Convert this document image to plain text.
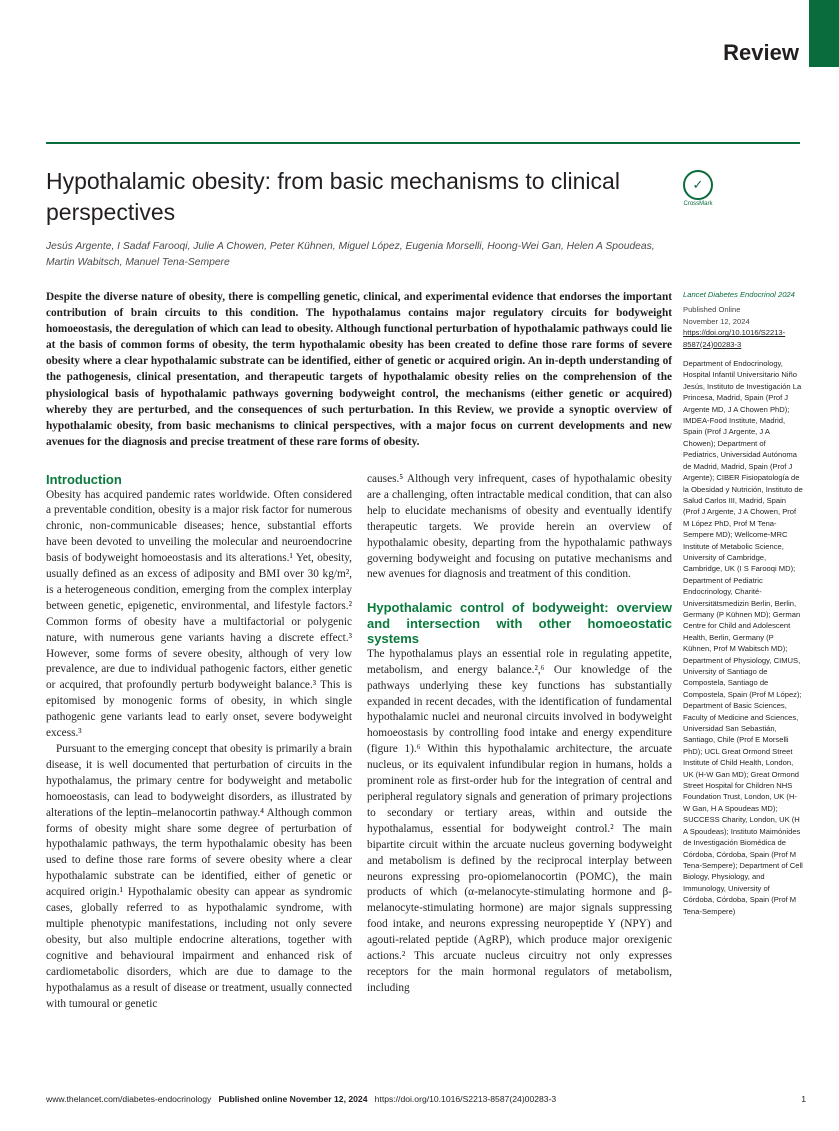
Review
Hypothalamic obesity: from basic mechanisms to clinical perspectives
✓
CrossMark
Jesús Argente, I Sadaf Farooqi, Julie A Chowen, Peter Kühnen, Miguel López, Eugenia Morselli, Hoong-Wei Gan, Helen A Spoudeas,
Martin Wabitsch, Manuel Tena-Sempere
Despite the diverse nature of obesity, there is compelling genetic, clinical, and experimental evidence that endorses the important contribution of brain circuits to this condition. The hypothalamus contains major regulatory circuits for bodyweight homoeostasis, the deregulation of which can lead to obesity. Although functional perturbation of hypothalamic pathways could lie at the basis of common forms of obesity, the term hypothalamic obesity has been created to define those rare forms of severe obesity where a clear hypothalamic substrate can be identified, either of genetic or acquired origin. An in-depth understanding of the pathogenesis, clinical presentation, and therapeutic targets of hypothalamic obesity relies on the comprehension of the physiological basis of hypothalamic pathways governing bodyweight control, the mechanisms (either genetic or acquired) whereby they are perturbed, and the consequences of such perturbation. In this Review, we provide a synoptic overview of hypothalamic obesity, from basic mechanisms to clinical perspectives, with a major focus on current developments and new avenues for the diagnosis and precise treatment of these rare forms of obesity.

Introduction

Obesity has acquired pandemic rates worldwide. Often considered a preventable condition, obesity is a major risk factor for numerous chronic, non-communicable diseases; hence, substantial efforts have been devoted to unveiling the molecular and neuroendocrine basis of bodyweight homoeostasis and its alterations.¹ Yet, obesity, usually defined as an excess of adiposity and BMI over 30 kg/m², is a heterogeneous condition, emerging from the complex interplay between genetic, epigenetic, environmental, and lifestyle factors.² Common forms of obesity have a multifactorial or polygenic nature, with numerous gene variants having a discrete effect.³ However, some forms of severe obesity, although of very low prevalence, are due to individual pathogenic factors, either genetic or acquired, that profoundly perturb bodyweight balance.³ This is epitomised by monogenic forms of obesity, in which single pathogenic gene variants lead to early onset, severe bodyweight excess.³

Pursuant to the emerging concept that obesity is primarily a brain disease, it is well documented that perturbation of circuits in the hypothalamus, the primary centre for bodyweight and metabolic homoeostasis, can lead to bodyweight disorders, as illustrated by alterations of the leptin–melanocortin pathway.⁴ Although common forms of obesity might share some degree of perturbation of hypothalamic pathways, the term hypothalamic obesity has been used to define those rare forms of severe obesity where a clear hypothalamic substrate can be identified, either of genetic or acquired origin.¹ Hypothalamic obesity can appear as syndromic cases, globally referred to as hypothalamic syndrome, with multiple phenotypic manifestations, including not only severe obesity, but also multiple endocrine alterations, together with cognitive and behavioural impairment and enhanced risk of cardiometabolic disorders, which are due to damage to the hypothalamus as a result of disease or treatment, usually connected with tumoural or genetic

causes.⁵ Although very infrequent, cases of hypothalamic obesity are a challenging, often intractable medical condition, that can also help to elucidate mechanisms of obesity and eventually identify therapeutic targets. We provide herein an overview of hypothalamic obesity, departing from the hypothalamic pathways governing bodyweight and focusing on putative mechanisms and new avenues for diagnosis and treatment of this condition.

Hypothalamic control of bodyweight: overview and intersection with other homoeostatic systems

The hypothalamus plays an essential role in regulating appetite, metabolism, and energy balance.²,⁶ Our knowledge of the pathways underlying these key functions has substantially expanded in recent decades, with the identification of fundamental hypothalamic nuclei and neuronal circuits involved in bodyweight homoeostasis by controlling food intake and energy expenditure (figure 1).⁶ Within this hypothalamic architecture, the arcuate nucleus, or its equivalent infundibular region in humans, holds a prominent role as first-order hub for the integration of central and peripheral regulatory signals and generation of primary projections to secondary or tertiary areas, within and outside the hypothalamus, essential for bodyweight control.² The main bipartite circuit within the arcuate nucleus governing bodyweight and metabolism is defined by the reciprocal interplay between neurons expressing pro-opiomelanocortin (POMC), the main products of which (α-melanocyte-stimulating hormone and β-melanocyte-stimulating hormone) are major signals suppressing food intake, and neurons expressing neuropeptide Y (NPY) and agouti-related peptide (AgRP), which produce major orexigenic actions.² This arcuate nucleus circuitry not only expresses receptors for the main hormonal regulators of metabolism, including

Lancet Diabetes Endocrinol 2024
Published Online
November 12, 2024
https://doi.org/10.1016/S2213-8587(24)00283-3
Department of Endocrinology, Hospital Infantil Universitario Niño Jesús, Instituto de Investigación La Princesa, Madrid, Spain (Prof J Argente MD, J A Chowen PhD); IMDEA-Food Institute, Madrid, Spain (Prof J Argente, J A Chowen); Department of Pediatrics, Universidad Autónoma de Madrid, Madrid, Spain (Prof J Argente); CIBER Fisiopatología de la Obesidad y Nutrición, Instituto de Salud Carlos III, Madrid, Spain (Prof J Argente, J A Chowen, Prof M López PhD, Prof M Tena-Sempere MD); Wellcome-MRC Institute of Metabolic Science, University of Cambridge, Cambridge, UK (I S Farooqi MD); Department of Pediatric Endocrinology, Charité-Universitätsmedizin Berlin, Berlin, Germany (P Kühnen MD); German Centre for Child and Adolescent Health, Berlin, Germany (P Kühnen, Prof M Wabitsch MD); Department of Physiology, CIMUS, University of Santiago de Compostela, Santiago de Compostela, Spain (Prof M López); Department of Basic Sciences, Faculty of Medicine and Sciences, Universidad San Sebastián, Santiago, Chile (Prof E Morselli PhD); UCL Great Ormond Street Institute of Child Health, London, UK (H-W Gan MD); Great Ormond Street Hospital for Children NHS Foundation Trust, London, UK (H-W Gan, H A Spoudeas MD); SUCCESS Charity, London, UK (H A Spoudeas); Instituto Maimónides de Investigación Biomédica de Córdoba, Córdoba, Spain (Prof M Tena-Sempere); Department of Cell Biology, Physiology, and Immunology, University of Córdoba, Córdoba, Spain (Prof M Tena-Sempere)
www.thelancet.com/diabetes-endocrinology Published online November 12, 2024 https://doi.org/10.1016/S2213-8587(24)00283-3	1
